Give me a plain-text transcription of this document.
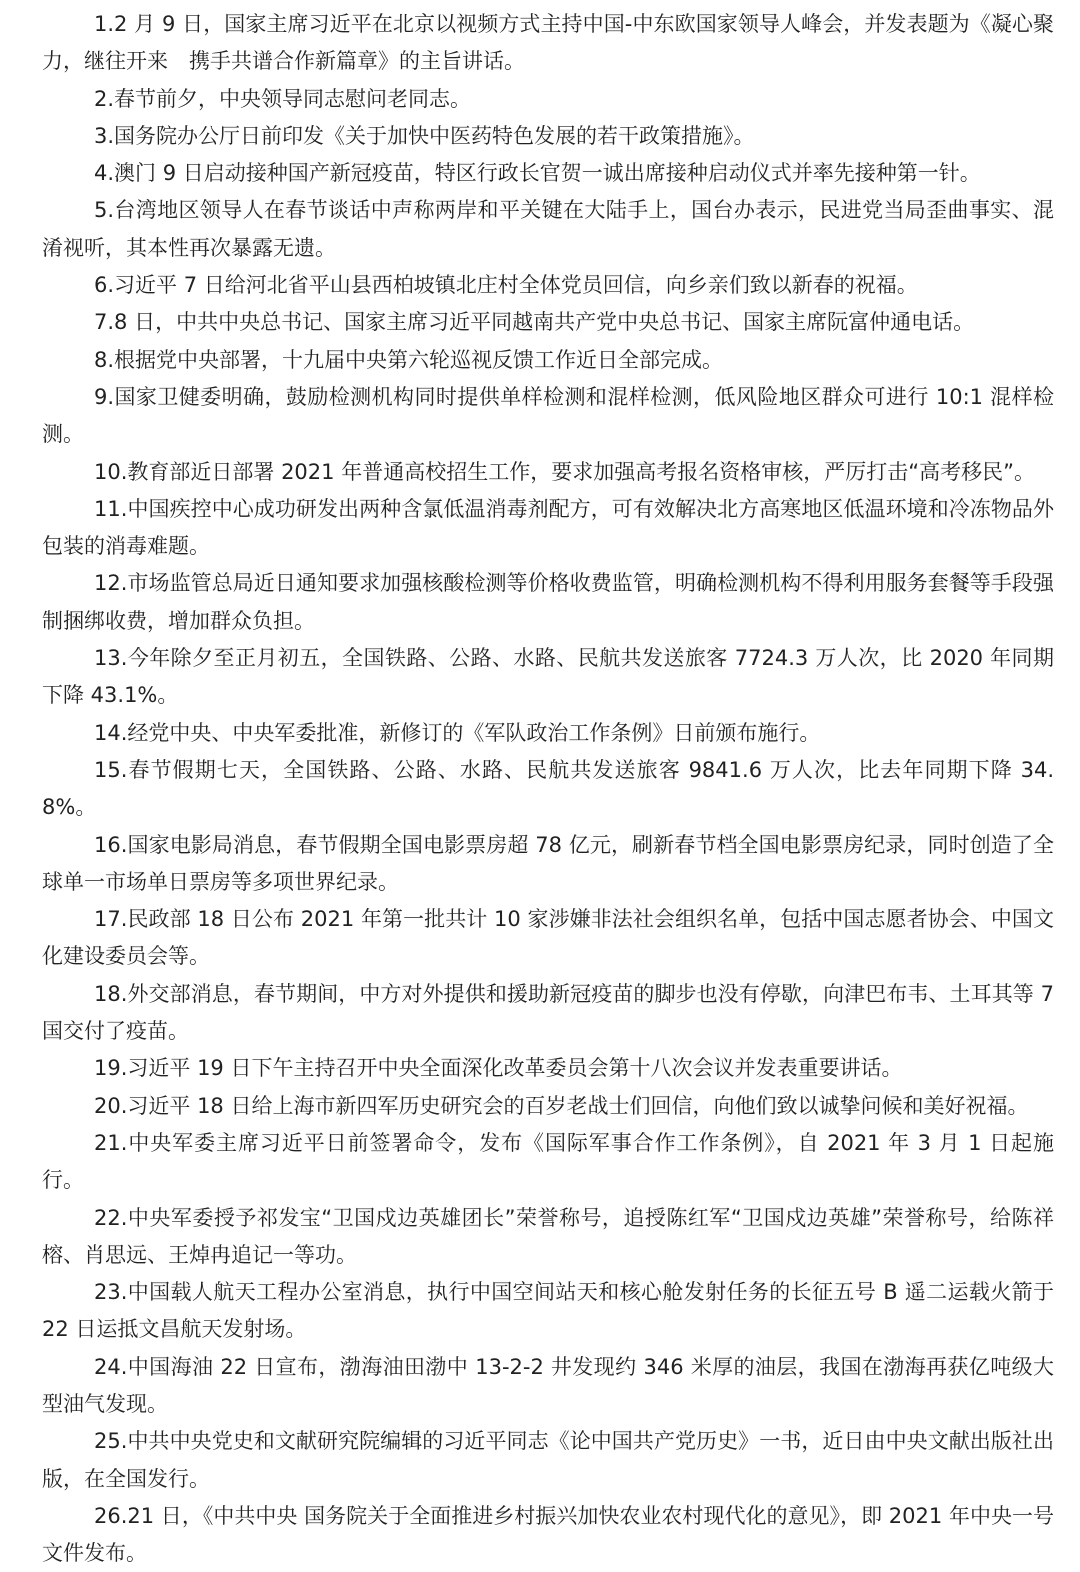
1.2 月 9 日，国家主席习近平在北京以视频方式主持中国-中东欧国家领导人峰会，并发表题为《凝心聚力，继往开来　携手共谱合作新篇章》的主旨讲话。

2.春节前夕，中央领导同志慰问老同志。

3.国务院办公厅日前印发《关于加快中医药特色发展的若干政策措施》。

4.澳门 9 日启动接种国产新冠疫苗，特区行政长官贺一诚出席接种启动仪式并率先接种第一针。

5.台湾地区领导人在春节谈话中声称两岸和平关键在大陆手上，国台办表示，民进党当局歪曲事实、混淆视听，其本性再次暴露无遗。

6.习近平 7 日给河北省平山县西柏坡镇北庄村全体党员回信，向乡亲们致以新春的祝福。

7.8 日，中共中央总书记、国家主席习近平同越南共产党中央总书记、国家主席阮富仲通电话。

8.根据党中央部署，十九届中央第六轮巡视反馈工作近日全部完成。

9.国家卫健委明确，鼓励检测机构同时提供单样检测和混样检测，低风险地区群众可进行 10:1 混样检测。

10.教育部近日部署 2021 年普通高校招生工作，要求加强高考报名资格审核，严厉打击“高考移民”。

11.中国疾控中心成功研发出两种含氯低温消毒剂配方，可有效解决北方高寒地区低温环境和冷冻物品外包装的消毒难题。

12.市场监管总局近日通知要求加强核酸检测等价格收费监管，明确检测机构不得利用服务套餐等手段强制捆绑收费，增加群众负担。

13.今年除夕至正月初五，全国铁路、公路、水路、民航共发送旅客 7724.3 万人次，比 2020 年同期下降 43.1%。

14.经党中央、中央军委批准，新修订的《军队政治工作条例》日前颁布施行。

15.春节假期七天，全国铁路、公路、水路、民航共发送旅客 9841.6 万人次，比去年同期下降 34.8%。

16.国家电影局消息，春节假期全国电影票房超 78 亿元，刷新春节档全国电影票房纪录，同时创造了全球单一市场单日票房等多项世界纪录。

17.民政部 18 日公布 2021 年第一批共计 10 家涉嫌非法社会组织名单，包括中国志愿者协会、中国文化建设委员会等。

18.外交部消息，春节期间，中方对外提供和援助新冠疫苗的脚步也没有停歇，向津巴布韦、土耳其等 7 国交付了疫苗。

19.习近平 19 日下午主持召开中央全面深化改革委员会第十八次会议并发表重要讲话。

20.习近平 18 日给上海市新四军历史研究会的百岁老战士们回信，向他们致以诚挚问候和美好祝福。

21.中央军委主席习近平日前签署命令，发布《国际军事合作工作条例》，自 2021 年 3 月 1 日起施行。

22.中央军委授予祁发宝“卫国戍边英雄团长”荣誉称号，追授陈红军“卫国戍边英雄”荣誉称号，给陈祥榕、肖思远、王焯冉追记一等功。

23.中国载人航天工程办公室消息，执行中国空间站天和核心舱发射任务的长征五号 B 遥二运载火箭于 22 日运抵文昌航天发射场。

24.中国海油 22 日宣布，渤海油田渤中 13-2-2 井发现约 346 米厚的油层，我国在渤海再获亿吨级大型油气发现。

25.中共中央党史和文献研究院编辑的习近平同志《论中国共产党历史》一书，近日由中央文献出版社出版，在全国发行。

26.21 日，《中共中央 国务院关于全面推进乡村振兴加快农业农村现代化的意见》，即 2021 年中央一号文件发布。
